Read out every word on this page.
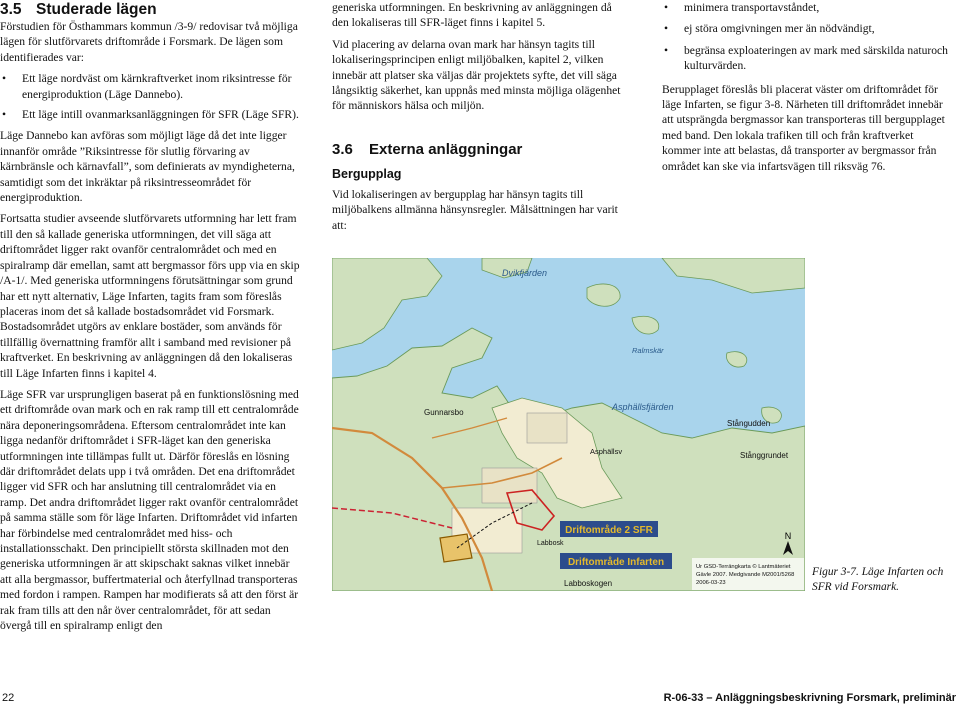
3.5 Studerade lägen

Förstudien för Östhammars kommun /3-9/ redovisar två möjliga lägen för slutförvarets driftområde i Forsmark. De lägen som identifierades var:

• Ett läge nordväst om kärnkraftverket inom riksintresse för energiproduktion (Läge Dannebo).
• Ett läge intill ovanmarksanläggningen för SFR (Läge SFR).

Läge Dannebo kan avföras som möjligt läge då det inte ligger innanför område ”Riksintresse för slutlig förvaring av kärnbränsle och kärnavfall”, som definierats av myndigheterna, samtidigt som det inkräktar på riksintresseområdet för energiproduktion.

Fortsatta studier avseende slutförvarets utformning har lett fram till den så kallade generiska utformningen, det vill säga att driftområdet ligger rakt ovanför centralområdet och med en spiralramp där emellan, samt att bergmassor förs upp via en skip /A-1/. Med generiska utformningens förutsättningar som grund har ett nytt alternativ, Läge Infarten, tagits fram som föreslås placeras inom det så kallade bostadsområdet vid Forsmark. Bostadsområdet utgörs av enklare bostäder, som används för tillfällig övernattning framför allt i samband med revisioner på kraftverket. En beskrivning av anläggningen då den lokaliseras till Läge Infarten finns i kapitel 4.

Läge SFR var ursprungligen baserat på en funktionslösning med ett driftområde ovan mark och en rak ramp till ett centralområde nära deponeringsområdena. Eftersom centralområdet inte kan ligga nedanför driftområdet i SFR-läget kan den generiska utformningen inte tillämpas fullt ut. Därför föreslås en lösning där driftområdet delats upp i två områden. Det ena driftområdet ligger vid SFR och har anslutning till centralområdet via en ramp. Det andra driftområdet ligger rakt ovanför centralområdet på samma ställe som för läge Infarten. Driftområdet vid infarten har förbindelse med centralområdet med hiss- och installationsschakt. Den principiellt största skillnaden mot den generiska utformningen är att skipschakt saknas vilket innebär att alla bergmassor, buffertmaterial och återfyllnad transporteras med fordon i rampen. Rampen har modifierats så att den först är rak fram tills att den når över centralområdet, för att sedan övergå till en spiralramp enligt den

generiska utformningen. En beskrivning av anläggningen då den lokaliseras till SFR-läget finns i kapitel 5.

Vid placering av delarna ovan mark har hänsyn tagits till lokaliseringsprincipen enligt miljöbalken, kapitel 2, vilken innebär att platser ska väljas där projektets syfte, det vill säga långsiktig säkerhet, kan uppnås med minsta möjliga olägenhet för människors hälsa och miljön.

3.6 Externa anläggningar
Bergupplag

Vid lokaliseringen av bergupplag har hänsyn tagits till miljöbalkens allmänna hänsynsregler. Målsättningen har varit att:

• minimera transportavståndet,
• ej störa omgivningen mer än nödvändigt,
• begränsa exploateringen av mark med särskilda naturoch kulturvärden.

Berupplaget föreslås bli placerat väster om driftområdet för läge Infarten, se figur 3-8. Närheten till driftområdet innebär att utsprängda bergmassor kan transporteras till bergupplaget med band. Den lokala trafiken till och från kraftverket kommer inte att belastas, då transporter av bergmassor från området kan ske via infartsvägen till riksväg 76.

Dvikfjärden
Ralmskär
Asphällsfjärden
Gunnarsbo
Stångudden
Asphällsv	Stånggrundet
Driftområde 2 SFR
Driftområde Infarten
Labbosk
Labboskogen
N
Ur GSD-Terrängkarta © Lantmäteriet
Gävle 2007. Medgivande M2001/5268
2006-03-23
Figur 3-7. Läge Infarten och SFR vid Forsmark.
22	R-06-33 – Anläggningsbeskrivning Forsmark, preliminär
